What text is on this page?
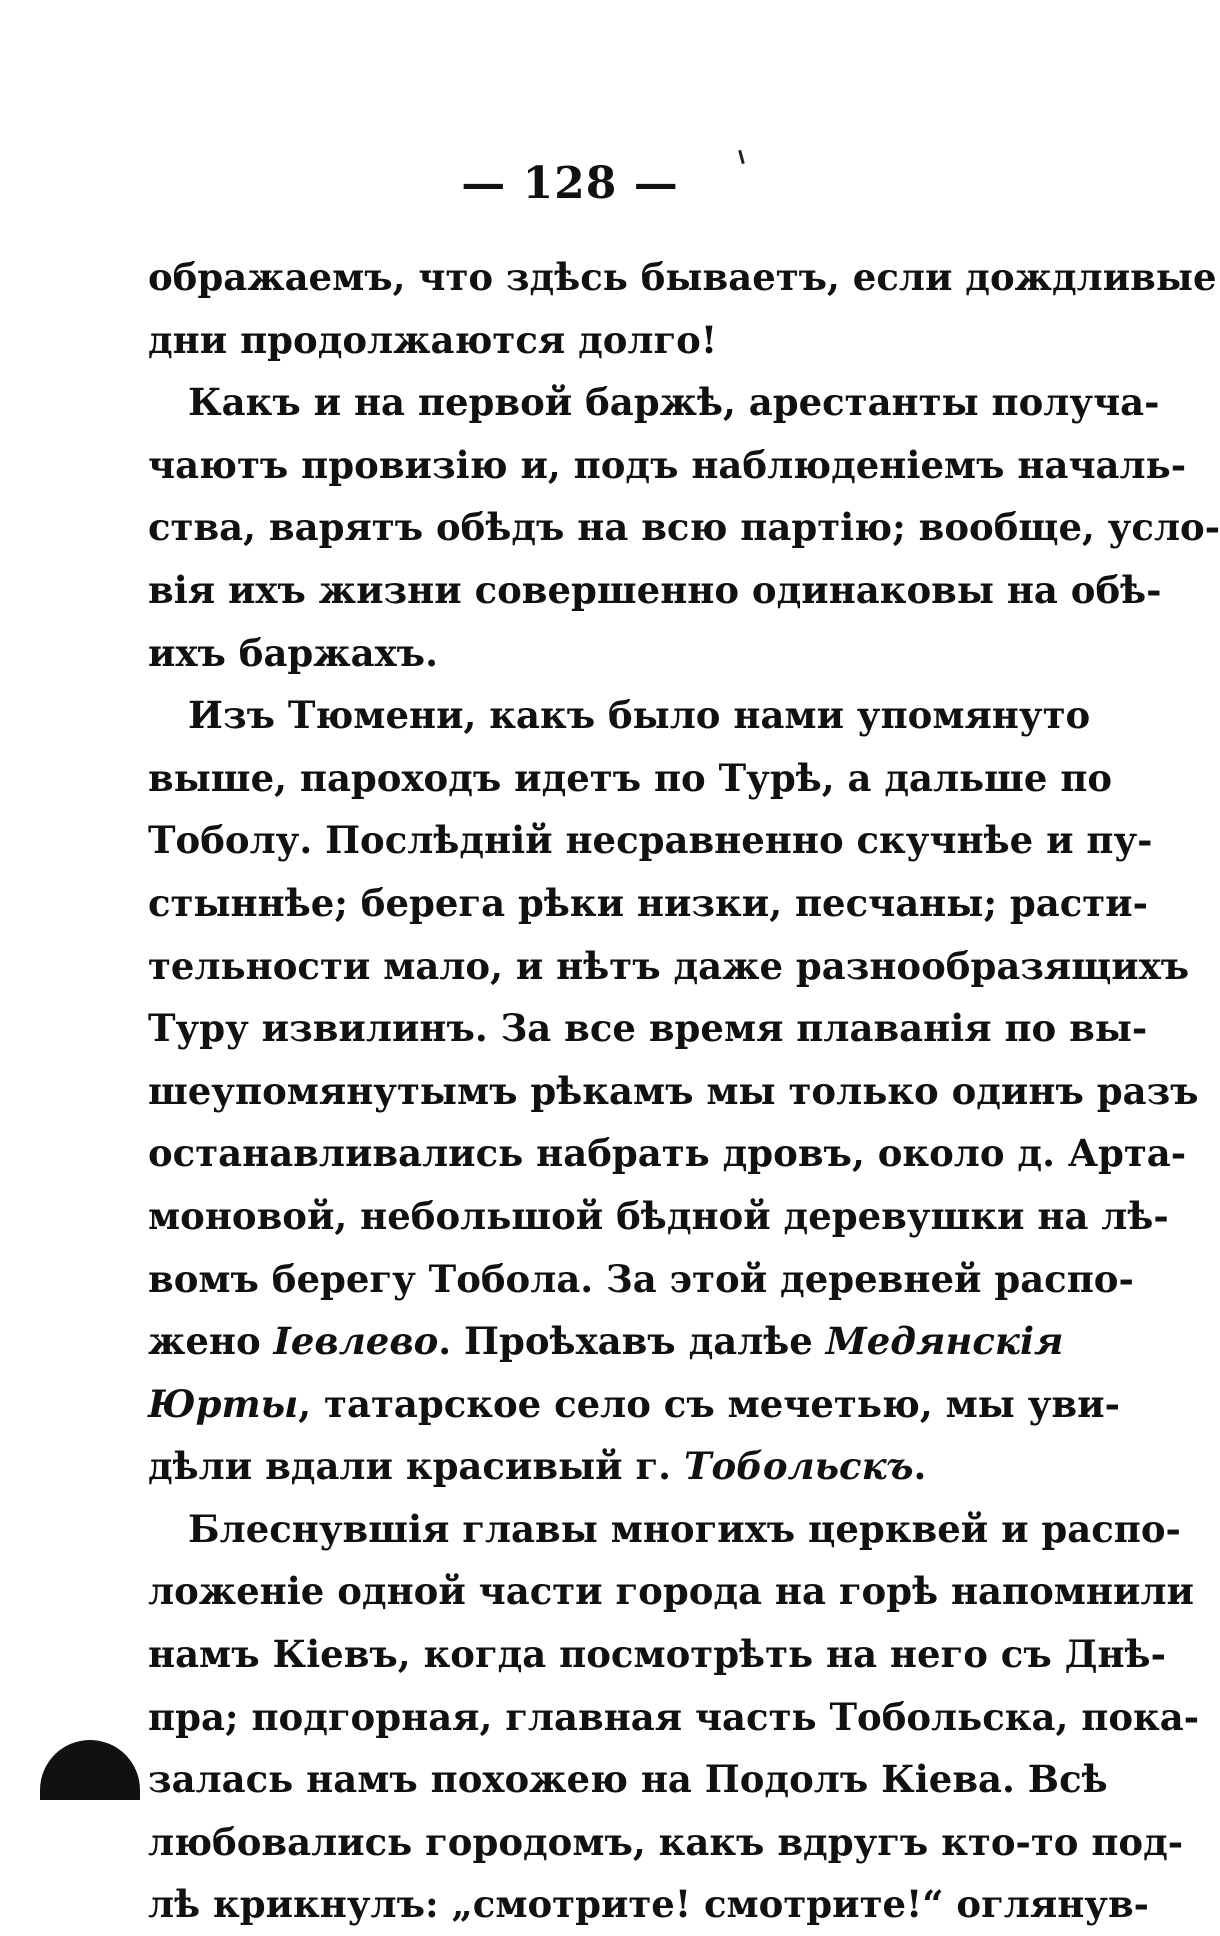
— 128 —
ображаемъ, что здѣсь бываетъ, если дождливые
дни продолжаются долго!
Какъ и на первой баржѣ, арестанты получа-
чаютъ провизію и, подъ наблюденіемъ началь-
ства, варятъ обѣдъ на всю партію; вообще, усло-
вія ихъ жизни совершенно одинаковы на обѣ-
ихъ баржахъ.
Изъ Тюмени, какъ было нами упомянуто
выше, пароходъ идетъ по Турѣ, а дальше по
Тоболу. Послѣдній несравненно скучнѣе и пу-
стыннѣе; берега рѣки низки, песчаны; расти-
тельности мало, и нѣтъ даже разнообразящихъ
Туру извилинъ. За все время плаванія по вы-
шеупомянутымъ рѣкамъ мы только одинъ разъ
останавливались набрать дровъ, около д. Арта-
моновой, небольшой бѣдной деревушки на лѣ-
вомъ берегу Тобола. За этой деревней распо-
жено Іевлево. Проѣхавъ далѣе Медянскія
Юрты, татарское село съ мечетью, мы уви-
дѣли вдали красивый г. Тобольскъ.
Блеснувшія главы многихъ церквей и распо-
ложеніе одной части города на горѣ напомнили
намъ Кіевъ, когда посмотрѣть на него съ Днѣ-
пра; подгорная, главная часть Тобольска, пока-
залась намъ похожею на Подолъ Кіева. Всѣ
любовались городомъ, какъ вдругъ кто-то под-
лѣ крикнулъ: „смотрите! смотрите!“ оглянув-
